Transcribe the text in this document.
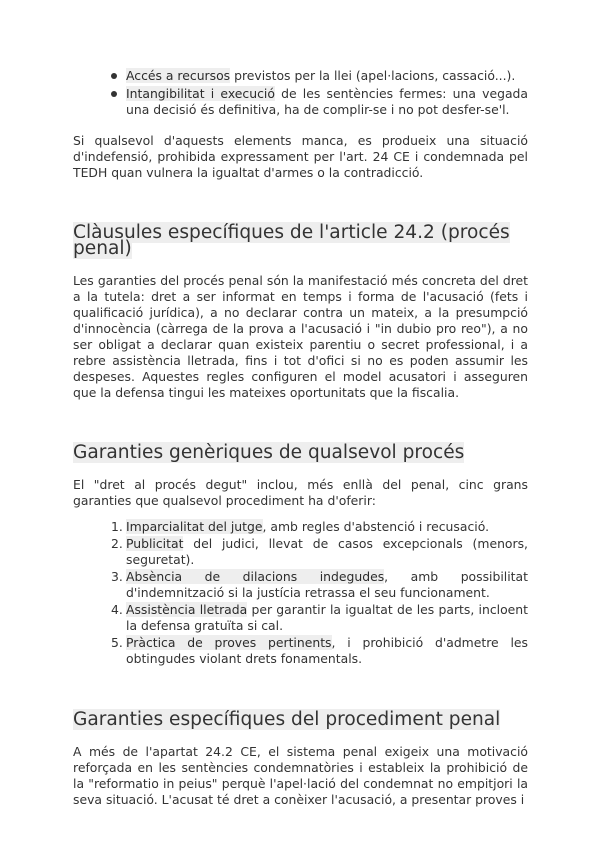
Accés a recursos previstos per la llei (apel·lacions, cassació...).
Intangibilitat i execució de les sentències fermes: una vegada una decisió és definitiva, ha de complir-se i no pot desfer-se'l.

Si qualsevol d'aquests elements manca, es produeix una situació d'indefensió, prohibida expressament per l'art. 24 CE i condemnada pel TEDH quan vulnera la igualtat d'armes o la contradicció.

Clàusules específiques de l'article 24.2 (procés penal)

Les garanties del procés penal són la manifestació més concreta del dret a la tutela: dret a ser informat en temps i forma de l'acusació (fets i qualificació jurídica), a no declarar contra un mateix, a la presumpció d'innocència (càrrega de la prova a l'acusació i "in dubio pro reo"), a no ser obligat a declarar quan existeix parentiu o secret professional, i a rebre assistència lletrada, fins i tot d'ofici si no es poden assumir les despeses. Aquestes regles configuren el model acusatori i asseguren que la defensa tingui les mateixes oportunitats que la fiscalia.

Garanties genèriques de qualsevol procés

El "dret al procés degut" inclou, més enllà del penal, cinc grans garanties que qualsevol procediment ha d'oferir:

1. Imparcialitat del jutge, amb regles d'abstenció i recusació.
2. Publicitat del judici, llevat de casos excepcionals (menors, seguretat).
3. Absència de dilacions indegudes, amb possibilitat d'indemnització si la justícia retrassa el seu funcionament.
4. Assistència lletrada per garantir la igualtat de les parts, incloent la defensa gratuïta si cal.
5. Pràctica de proves pertinents, i prohibició d'admetre les obtingudes violant drets fonamentals.
Garanties específiques del procediment penal

A més de l'apartat 24.2 CE, el sistema penal exigeix una motivació reforçada en les sentències condemnatòries i estableix la prohibició de la "reformatio in peius" perquè l'apel·lació del condemnat no empitjori la seva situació. L'acusat té dret a conèixer l'acusació, a presentar proves i
